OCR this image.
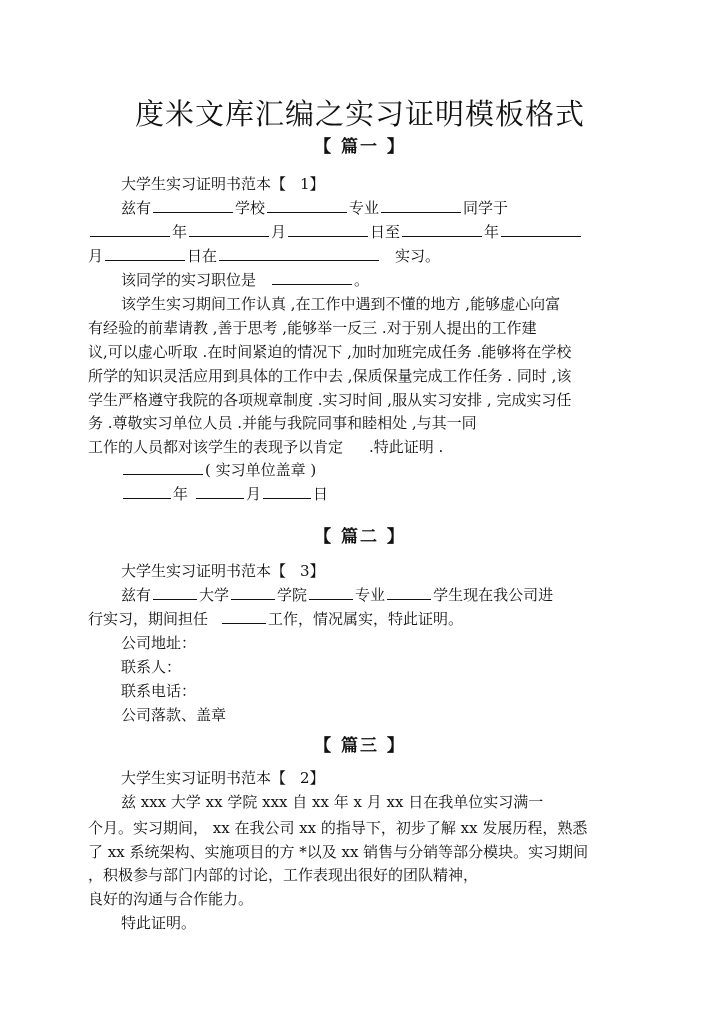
度米文库汇编之实习证明模板格式
【 篇一 】
大学生实习证明书范本【 1】
兹有	学校	专业	同学于
年	月	日至	年
月	日在	实习。
该同学的实习职位是	。
该学生实习期间工作认真 ,在工作中遇到不懂的地方 ,能够虚心向富
有经验的前辈请教 ,善于思考 ,能够举一反三 .对于别人提出的工作建
议,可以虚心听取 .在时间紧迫的情况下 ,加时加班完成任务 .能够将在学校
所学的知识灵活应用到具体的工作中去 ,保质保量完成工作任务 . 同时 ,该
学生严格遵守我院的各项规章制度 .实习时间 ,服从实习安排 , 完成实习任
务 .尊敬实习单位人员 .并能与我院同事和睦相处 ,与其一同
工作的人员都对该学生的表现予以肯定 .特此证明 .
( 实习单位盖章 )
年	月	日
【 篇二 】
大学生实习证明书范本【 3】
兹有	大学	学院	专业	学生现在我公司进
行实习，期间担任	工作，情况属实，特此证明。
公司地址：
联系人：
联系电话：
公司落款、盖章
【 篇三 】
大学生实习证明书范本【 2】
兹 xxx 大学 xx 学院 xxx 自 xx 年 x 月 xx 日在我单位实习满一
个月。实习期间， xx 在我公司 xx 的指导下，初步了解 xx 发展历程，熟悉
了 xx 系统架构、实施项目的方 *以及 xx 销售与分销等部分模块。实习期间
，积极参与部门内部的讨论，工作表现出很好的团队精神，
良好的沟通与合作能力。
特此证明。
